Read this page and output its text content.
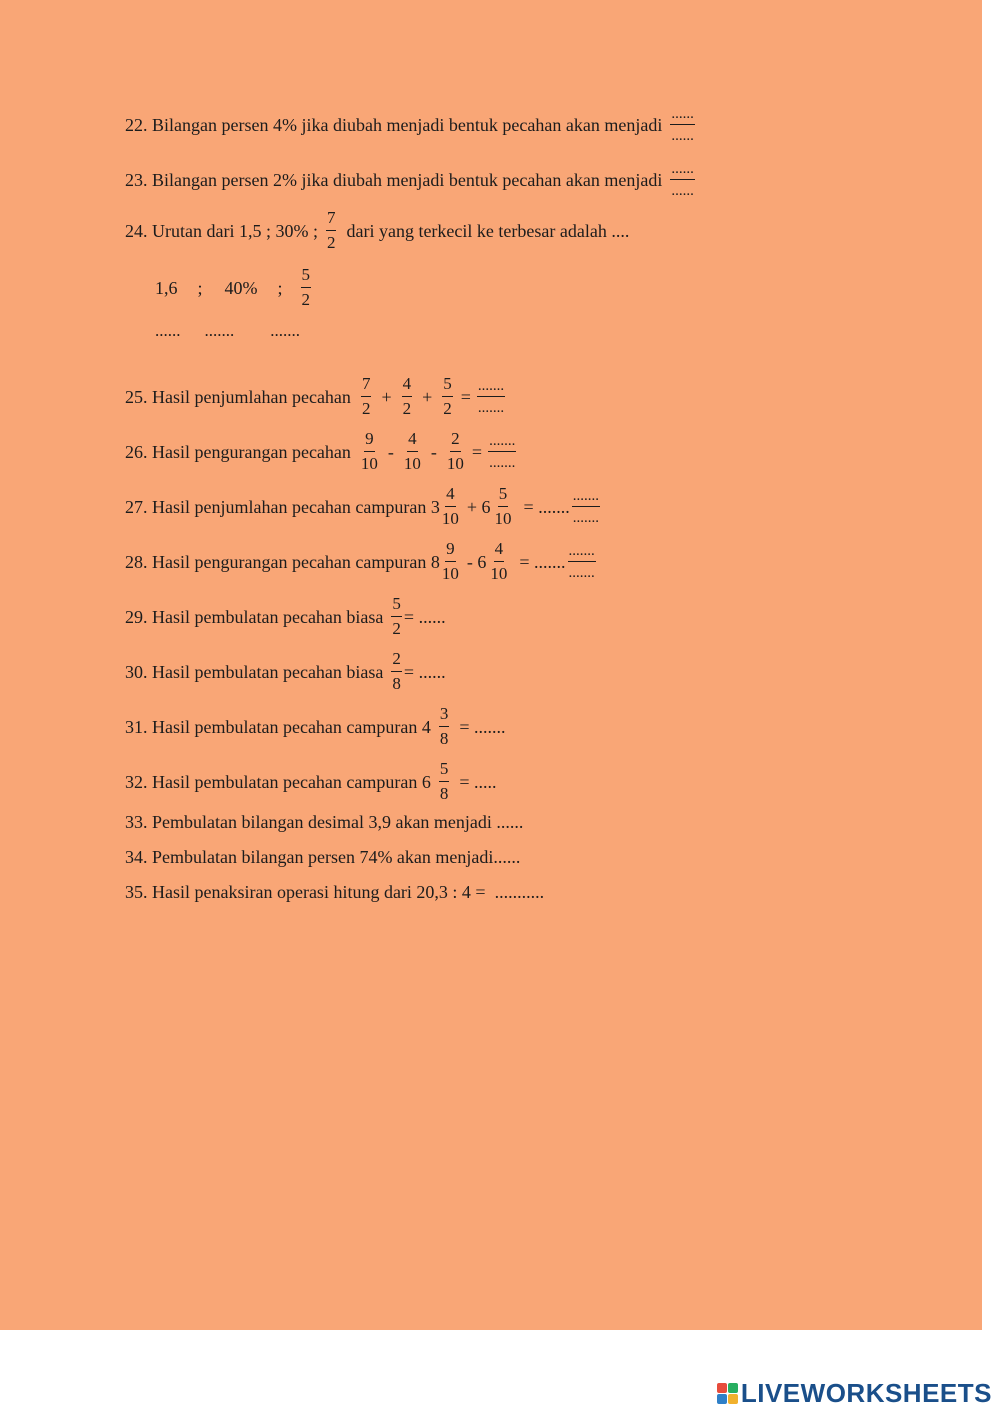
22. Bilangan persen 4% jika diubah menjadi bentuk pecahan akan menjadi $\frac{......}{......}$
23. Bilangan persen 2% jika diubah menjadi bentuk pecahan akan menjadi $\frac{......}{......}$
24. Urutan dari 1,5 ; 30% ; $\frac{7}{2}$ dari yang terkecil ke terbesar adalah ....
1,6 ; 40% ; $\frac{5}{2}$
...... ....... .......
25. Hasil penjumlahan pecahan $\frac{7}{2} + \frac{4}{2} + \frac{5}{2} = \frac{.......}{.......}$
26. Hasil pengurangan pecahan $\frac{9}{10} - \frac{4}{10} - \frac{2}{10} = \frac{.......}{.......}$
27. Hasil penjumlahan pecahan campuran $3 \frac{4}{10} + 6 \frac{5}{10}$ = ....... $\frac{.......}{.......}$
28. Hasil pengurangan pecahan campuran $8 \frac{9}{10} - 6 \frac{4}{10}$ = ....... $\frac{.......}{.......}$
29. Hasil pembulatan pecahan biasa $\frac{5}{2}$ = ......
30. Hasil pembulatan pecahan biasa $\frac{2}{8}$ = ......
31. Hasil pembulatan pecahan campuran $4 \frac{3}{8}$ = .......
32. Hasil pembulatan pecahan campuran $6 \frac{5}{8}$ = .....
33. Pembulatan bilangan desimal 3,9 akan menjadi ......
34. Pembulatan bilangan persen 74% akan menjadi......
35. Hasil penaksiran operasi hitung dari 20,3 : 4 =  ...........
LIVEWORKSHEETS
